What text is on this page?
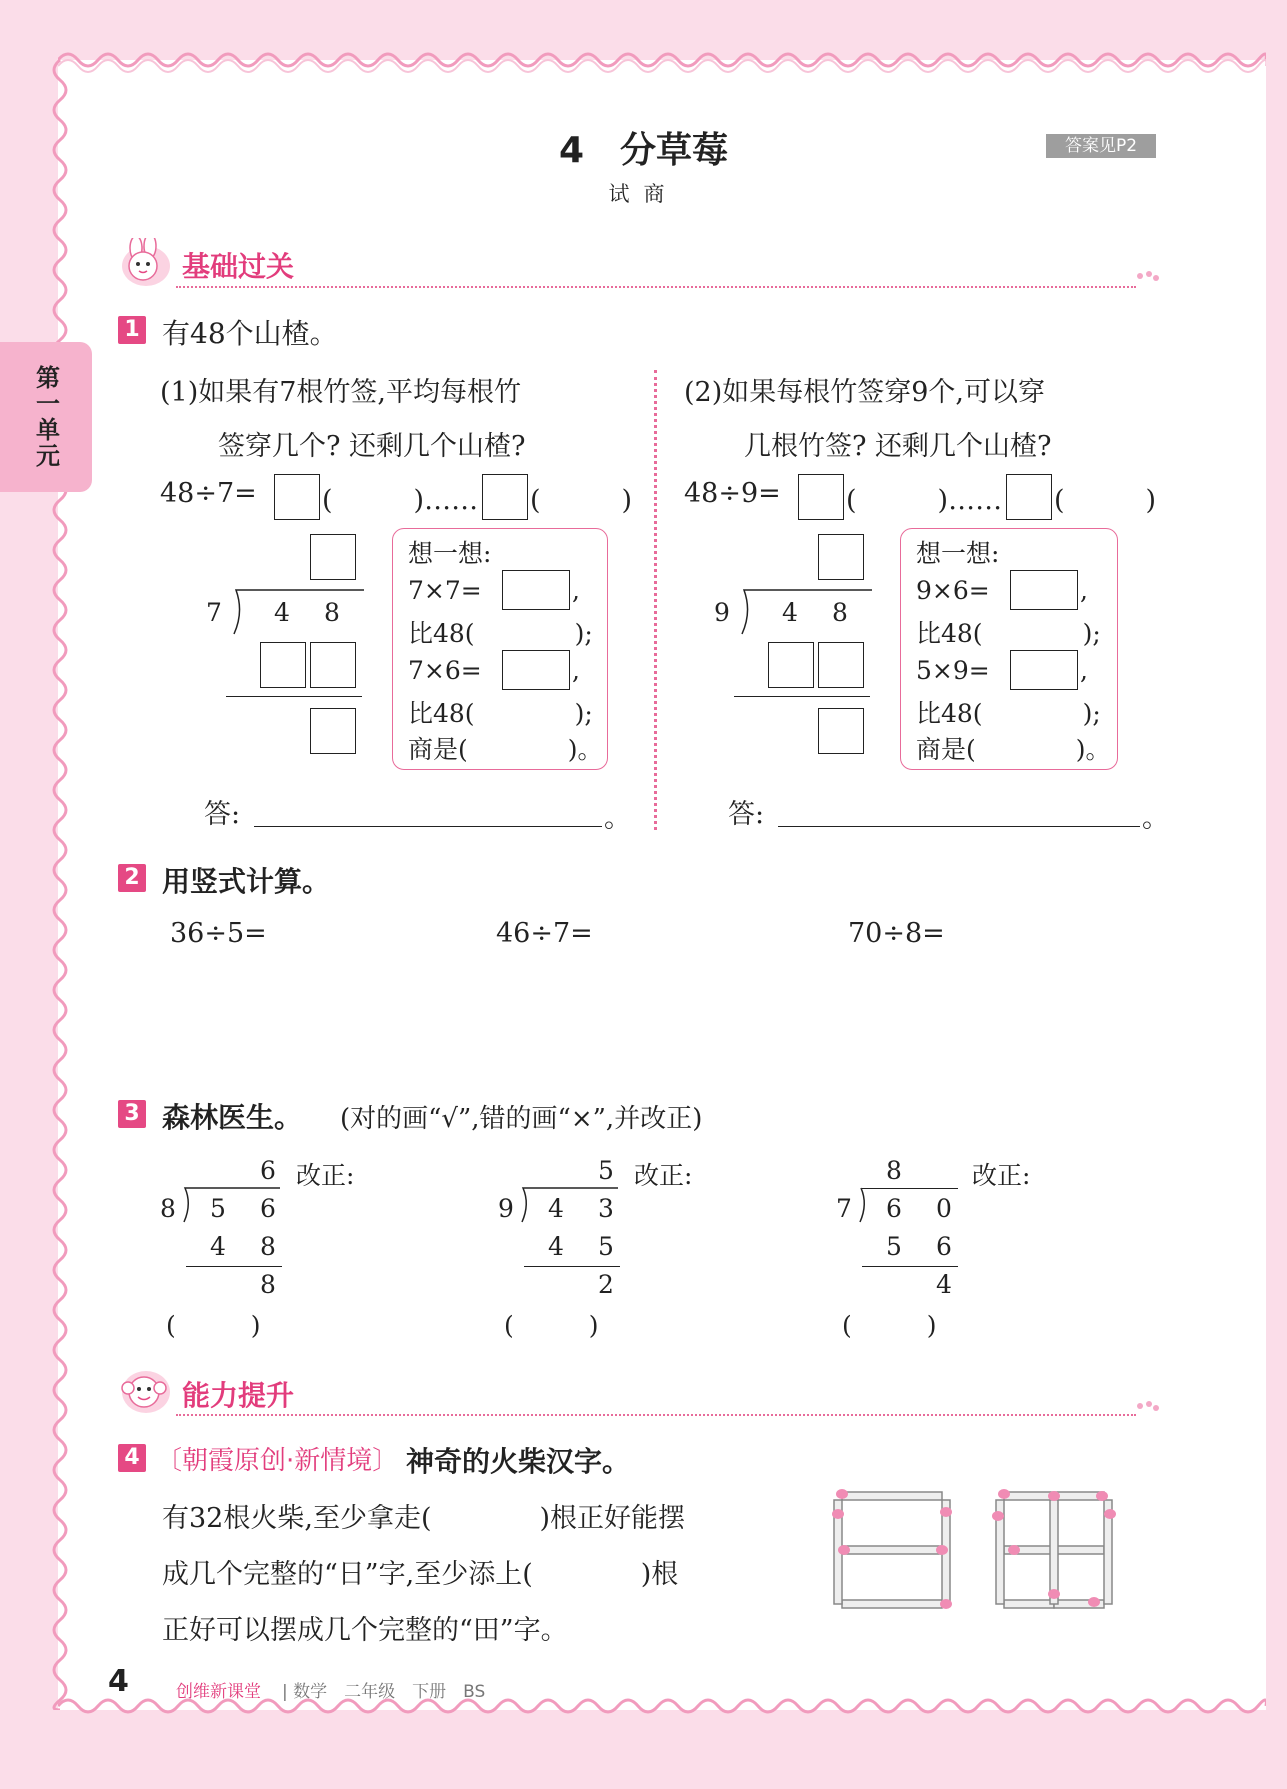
第一单元
4　分草莓
试商
答案见P2
基础过关
1 有48个山楂。
(1)如果有7根竹签,平均每根竹
签穿几个? 还剩几个山楂?
48÷7= (　　　)…… (　　　)
7 4 8
想一想:
7×7=	,
比48(　　　　);
7×6=	,
比48(　　　　);
商是(　　　　)。
答:	。
(2)如果每根竹签穿9个,可以穿
几根竹签? 还剩几个山楂?
48÷9= (　　　)…… (　　　)
9 4 8
想一想:
9×6=	,
比48(　　　　);
5×9=	,
比48(　　　　);
商是(　　　　)。
答:	。
2 用竖式计算。
36÷5=	46÷7=	70÷8=
3 森林医生。 (对的画“√”,错的画“×”,并改正)
6 改正:
8 5 6
4 8
8
(　　　)
5 改正:
9 4 3
4 5
2
(　　　)
8	改正:
7 6 0
5 6
4
(　　　)
能力提升
4 〔朝霞原创·新情境〕 神奇的火柴汉字。
有32根火柴,至少拿走(　　　　)根正好能摆
成几个完整的“日”字,至少添上(　　　　)根
正好可以摆成几个完整的“田”字。
4	创维新课堂 | 数学　二年级　下册　BS
